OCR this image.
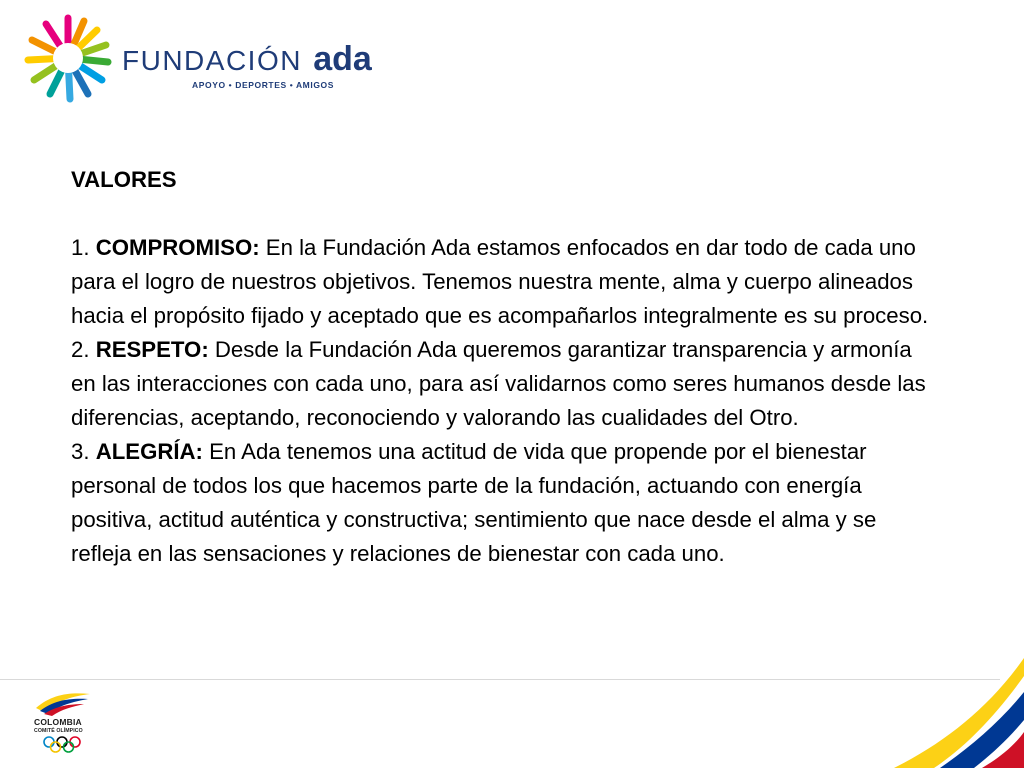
FUNDACIÓN ada
APOYO • DEPORTES • AMIGOS
VALORES

1. COMPROMISO: En la Fundación Ada estamos enfocados en dar todo de cada uno para el logro de nuestros objetivos. Tenemos nuestra mente, alma y cuerpo alineados hacia el propósito fijado y aceptado que es acompañarlos integralmente es su proceso.

2. RESPETO: Desde la Fundación Ada queremos garantizar transparencia y armonía en las interacciones con cada uno, para así validarnos como seres humanos desde las diferencias, aceptando, reconociendo y valorando las cualidades del Otro.

3. ALEGRÍA: En Ada tenemos una actitud de vida que propende por el bienestar personal de todos los que hacemos parte de la fundación, actuando con energía positiva, actitud auténtica y constructiva; sentimiento que nace desde el alma y se refleja en las sensaciones y relaciones de bienestar con cada uno.

COLOMBIA
COMITÉ OLÍMPICO
